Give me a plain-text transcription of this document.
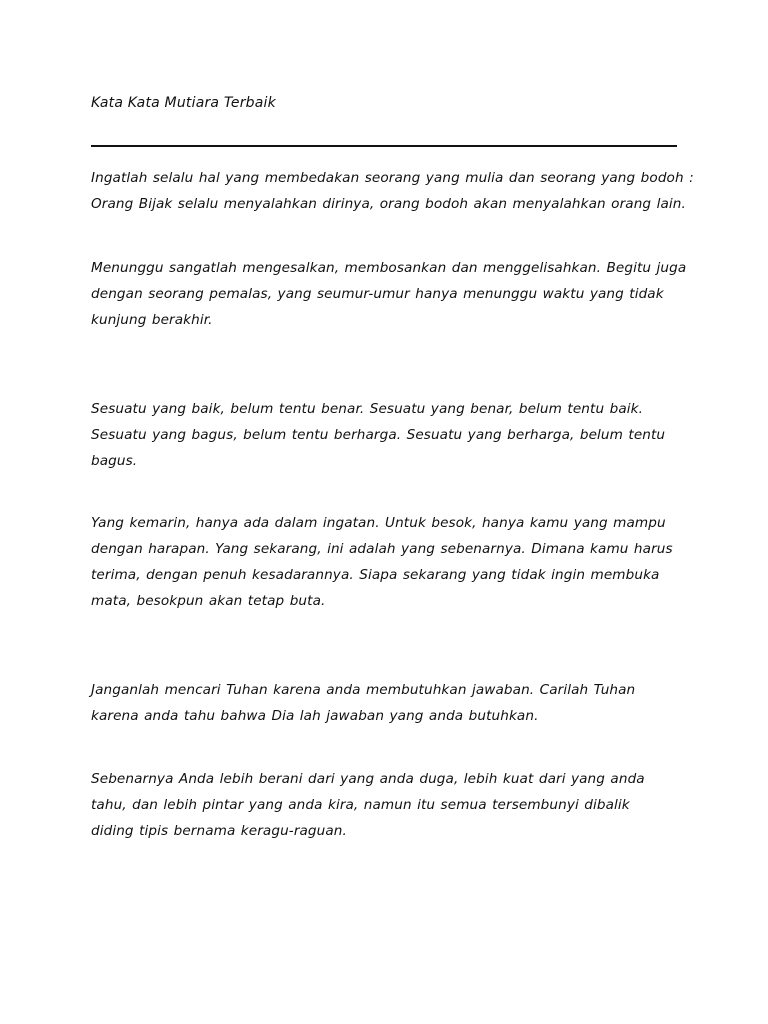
Kata Kata Mutiara Terbaik

Ingatlah selalu hal yang membedakan seorang yang mulia dan seorang yang bodoh :
Orang Bijak selalu menyalahkan dirinya, orang bodoh akan menyalahkan orang lain.

Menunggu sangatlah mengesalkan, membosankan dan menggelisahkan. Begitu juga
dengan seorang pemalas, yang seumur-umur hanya menunggu waktu yang tidak
kunjung berakhir.

Sesuatu yang baik, belum tentu benar. Sesuatu yang benar, belum tentu baik.
Sesuatu yang bagus, belum tentu berharga. Sesuatu yang berharga, belum tentu
bagus.

Yang kemarin, hanya ada dalam ingatan. Untuk besok, hanya kamu yang mampu
dengan harapan. Yang sekarang, ini adalah yang sebenarnya. Dimana kamu harus
terima, dengan penuh kesadarannya. Siapa sekarang yang tidak ingin membuka
mata, besokpun akan tetap buta.

Janganlah mencari Tuhan karena anda membutuhkan jawaban. Carilah Tuhan
karena anda tahu bahwa Dia lah jawaban yang anda butuhkan.

Sebenarnya Anda lebih berani dari yang anda duga, lebih kuat dari yang anda
tahu, dan lebih pintar yang anda kira, namun itu semua tersembunyi dibalik
diding tipis bernama keragu-raguan.
